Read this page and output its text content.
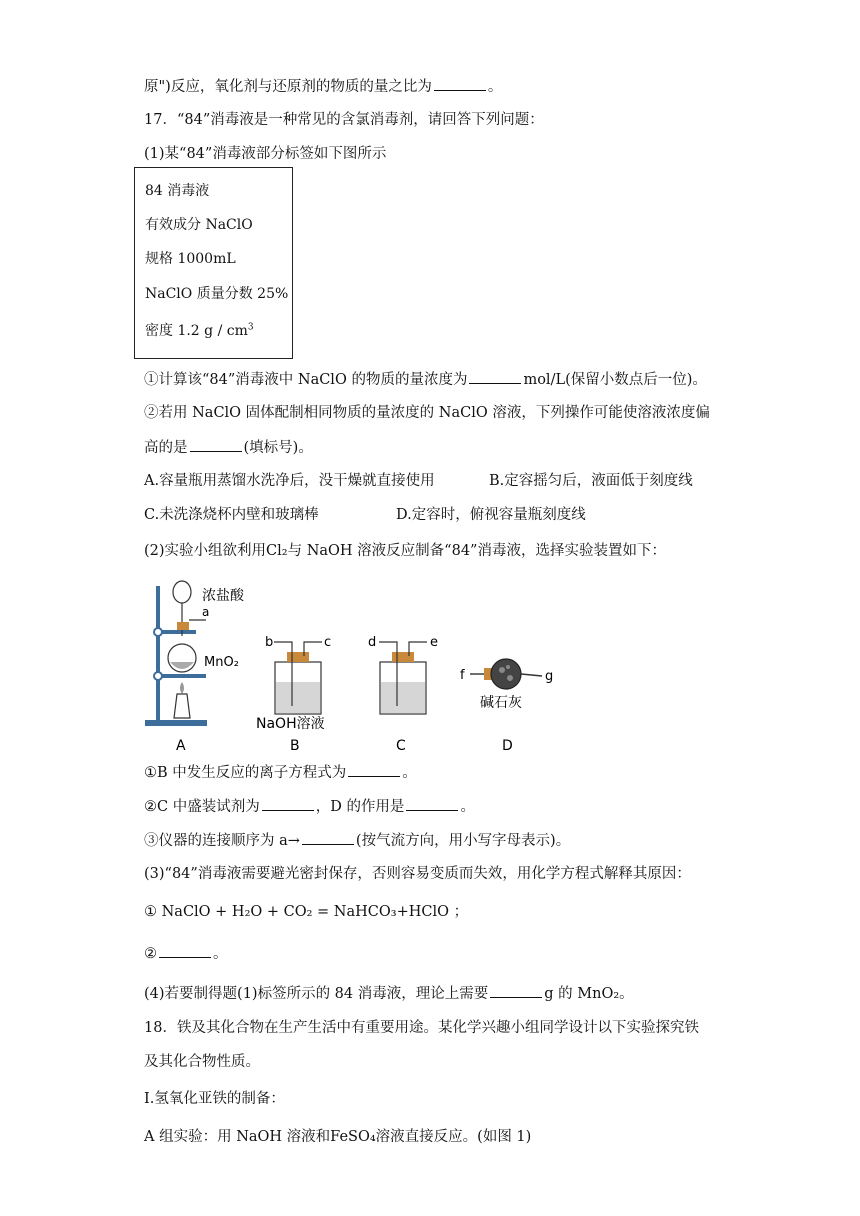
原")反应，氧化剂与还原剂的物质的量之比为	。
17．“84”消毒液是一种常见的含氯消毒剂，请回答下列问题：
(1)某“84”消毒液部分标签如下图所示
84 消毒液
有效成分 NaClO
规格 1000mL
NaClO 质量分数 25%
密度 1.2 g / $cm^3$
①计算该“84”消毒液中 NaClO 的物质的量浓度为	mol/L(保留小数点后一位)。
②若用 NaClO 固体配制相同物质的量浓度的 NaClO 溶液，下列操作可能使溶液浓度偏
高的是	(填标号)。
A.容量瓶用蒸馏水洗净后，没干燥就直接使用	B.定容摇匀后，液面低于刻度线
C.未洗涤烧杯内壁和玻璃棒	D.定容时，俯视容量瓶刻度线
(2)实验小组欲利用Cl₂与 NaOH 溶液反应制备“84”消毒液，选择实验装置如下：
浓盐酸
a
MnO₂
A
b	c
NaOH溶液
B
d	e
C
f	g
碱石灰
D
①B 中发生反应的离子方程式为	。
②C 中盛装试剂为	，D 的作用是	。
③仪器的连接顺序为 a→	(按气流方向，用小写字母表示)。
(3)“84”消毒液需要避光密封保存，否则容易变质而失效，用化学方程式解释其原因：
① NaClO + H₂O + CO₂ = NaHCO₃+HClO ；
②	。
(4)若要制得题(1)标签所示的 84 消毒液，理论上需要	g 的 MnO₂。
18．铁及其化合物在生产生活中有重要用途。某化学兴趣小组同学设计以下实验探究铁
及其化合物性质。
I.氢氧化亚铁的制备：
A 组实验：用 NaOH 溶液和FeSO₄溶液直接反应。(如图 1)
